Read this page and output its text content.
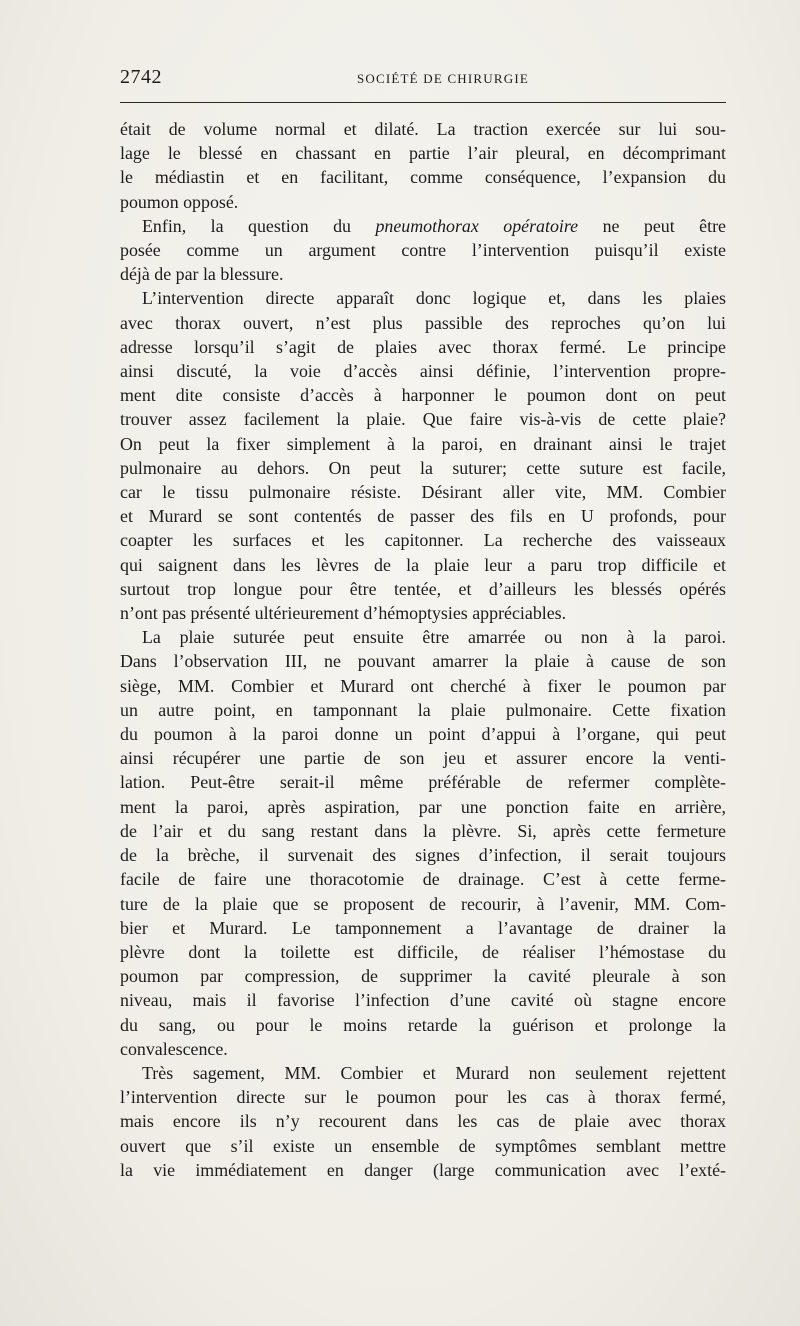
2742	SOCIÉTÉ DE CHIRURGIE

était de volume normal et dilaté. La traction exercée sur lui sou-
lage le blessé en chassant en partie l’air pleural, en décomprimant
le médiastin et en facilitant, comme conséquence, l’expansion du
poumon opposé.

Enfin, la question du pneumothorax opératoire ne peut être
posée comme un argument contre l’intervention puisqu’il existe
déjà de par la blessure.

L’intervention directe apparaît donc logique et, dans les plaies
avec thorax ouvert, n’est plus passible des reproches qu’on lui
adresse lorsqu’il s’agit de plaies avec thorax fermé. Le principe
ainsi discuté, la voie d’accès ainsi définie, l’intervention propre-
ment dite consiste d’accès à harponner le poumon dont on peut
trouver assez facilement la plaie. Que faire vis-à-vis de cette plaie?
On peut la fixer simplement à la paroi, en drainant ainsi le trajet
pulmonaire au dehors. On peut la suturer; cette suture est facile,
car le tissu pulmonaire résiste. Désirant aller vite, MM. Combier
et Murard se sont contentés de passer des fils en U profonds, pour
coapter les surfaces et les capitonner. La recherche des vaisseaux
qui saignent dans les lèvres de la plaie leur a paru trop difficile et
surtout trop longue pour être tentée, et d’ailleurs les blessés opérés
n’ont pas présenté ultérieurement d’hémoptysies appréciables.

La plaie suturée peut ensuite être amarrée ou non à la paroi.
Dans l’observation III, ne pouvant amarrer la plaie à cause de son
siège, MM. Combier et Murard ont cherché à fixer le poumon par
un autre point, en tamponnant la plaie pulmonaire. Cette fixation
du poumon à la paroi donne un point d’appui à l’organe, qui peut
ainsi récupérer une partie de son jeu et assurer encore la venti-
lation. Peut-être serait-il même préférable de refermer complète-
ment la paroi, après aspiration, par une ponction faite en arrière,
de l’air et du sang restant dans la plèvre. Si, après cette fermeture
de la brèche, il survenait des signes d’infection, il serait toujours
facile de faire une thoracotomie de drainage. C’est à cette ferme-
ture de la plaie que se proposent de recourir, à l’avenir, MM. Com-
bier et Murard. Le tamponnement a l’avantage de drainer la
plèvre dont la toilette est difficile, de réaliser l’hémostase du
poumon par compression, de supprimer la cavité pleurale à son
niveau, mais il favorise l’infection d’une cavité où stagne encore
du sang, ou pour le moins retarde la guérison et prolonge la
convalescence.

Très sagement, MM. Combier et Murard non seulement rejettent
l’intervention directe sur le poumon pour les cas à thorax fermé,
mais encore ils n’y recourent dans les cas de plaie avec thorax
ouvert que s’il existe un ensemble de symptômes semblant mettre
la vie immédiatement en danger (large communication avec l’exté-
